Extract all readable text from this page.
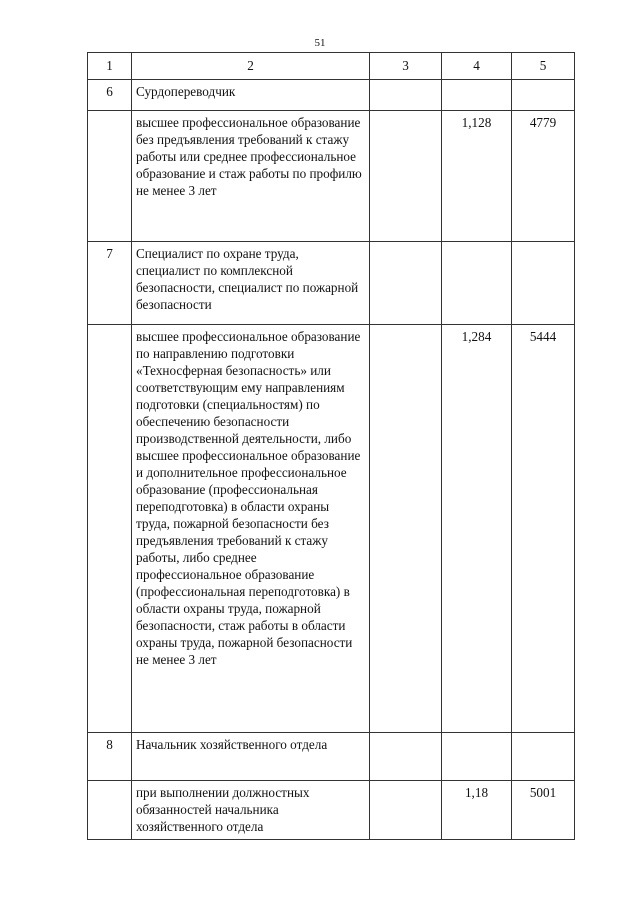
51
1	2	3	4	5
6	Сурдопереводчик			
	высшее профессиональное образование без предъявления требований к стажу работы или среднее профессиональное образование и стаж работы по профилю не менее 3 лет		1,128	4779
7	Специалист по охране труда, специалист по комплексной безопасности, специалист по пожарной безопасности			
	высшее профессиональное образование по направлению подготовки «Техносферная безопасность» или соответствующим ему направлениям подготовки (специальностям) по обеспечению безопасности производственной деятельности, либо высшее профессиональное образование и дополнительное профессиональное образование (профессиональная переподготовка) в области охраны труда, пожарной безопасности без предъявления требований к стажу работы, либо среднее профессиональное образование (профессиональная переподготовка) в области охраны труда, пожарной безопасности, стаж работы в области охраны труда, пожарной безопасности не менее 3 лет		1,284	5444
8	Начальник хозяйственного отдела			
	при выполнении должностных обязанностей начальника хозяйственного отдела		1,18	5001
